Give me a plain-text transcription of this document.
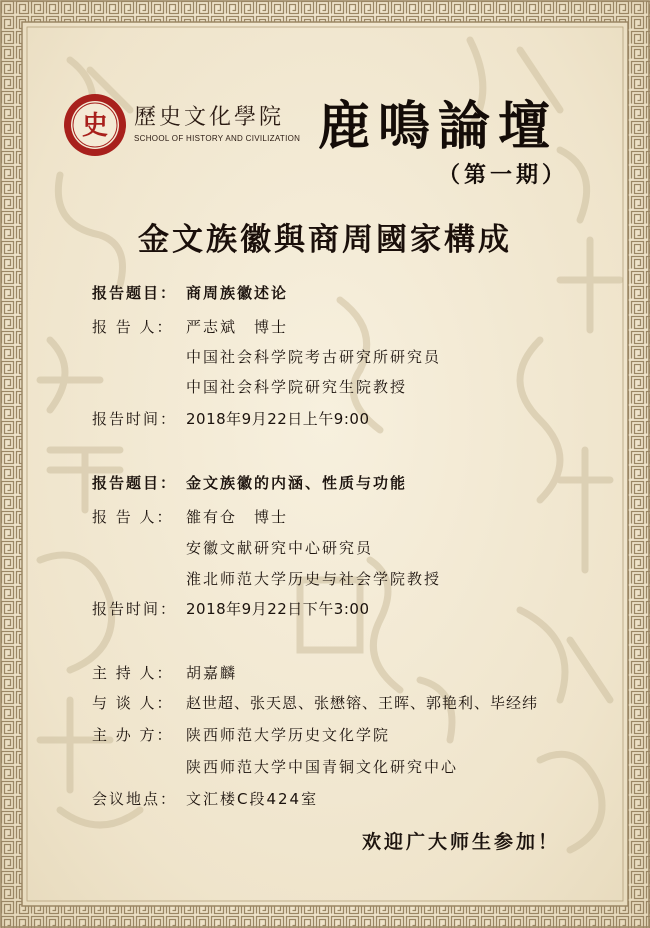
史 歷史文化學院
SCHOOL OF HISTORY AND CIVILIZATION 鹿鳴論壇
（第一期）
金文族徽與商周國家構成
报告题目： 商周族徽述论
报 告 人： 严志斌　博士
中国社会科学院考古研究所研究员
中国社会科学院研究生院教授
报告时间： 2018年9月22日上午9:00
报告题目： 金文族徽的内涵、性质与功能
报 告 人： 雒有仓　博士
安徽文献研究中心研究员
淮北师范大学历史与社会学院教授
报告时间： 2018年9月22日下午3:00
主 持 人： 胡嘉麟
与 谈 人： 赵世超、张天恩、张懋镕、王晖、郭艳利、毕经纬
主 办 方： 陕西师范大学历史文化学院
陕西师范大学中国青铜文化研究中心
会议地点： 文汇楼C段424室
欢迎广大师生参加！
